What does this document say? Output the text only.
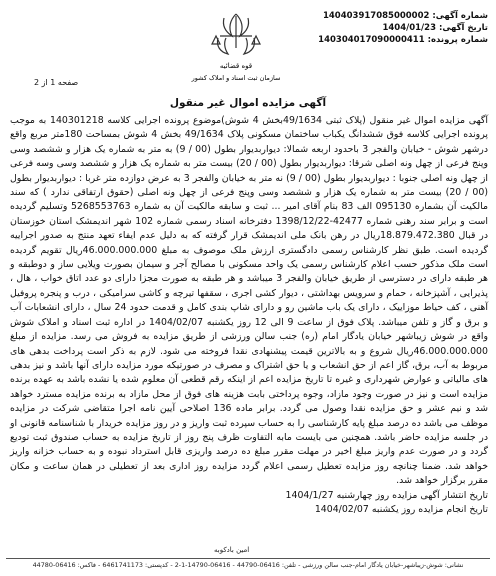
شماره آگهی: 140403917085000002
تاریخ آگهی: 1404/01/23
شماره پرونده: 140304017090000411
قوه قضائیه
سازمان ثبت اسناد و املاک کشور
صفحه 1 از 2
آگهی مزایده اموال غیر منقول

آگهی مزایده اموال غیر منقول (پلاک ثبتی 49/1634بخش 4 شوش)موضوع پرونده اجرایی کلاسه 140301218 به موجب پرونده اجرایی کلاسه فوق ششدانگ یکباب ساختمان مسکونی پلاک 49/1634 بخش 4 شوش بمساحت 180متر مربع واقع درشهر شوش - خیابان والفجر 3 باحدود اربعه شمالا: دیواربدیوار بطول (00 / 9) به متر به شماره یک هزار و ششصد وسی وپنج فرعی از چهل ونه اصلی شرقا: دیواربدیوار بطول (00 / 20) بیست متر به شماره یک هزار و ششصد وسی وسه فرعی از چهل ونه اصلی جنوبا : دیواربدیوار بطول (00 / 9) نه متر به خیابان والفجر 3 به عرض دوازده متر غربا : دیواربدیوار بطول (00 / 20) بیست متر به شماره یک هزار و ششصد وسی وپنج فرعی از چهل ونه اصلی (حقوق ارتفاقی ندارد ) که سند مالکیت آن بشماره 095130 الف 83 بنام آقای امیر ... ثبت و سابقه مالکیت آن به شماره 5268553763 وتسلیم گردیده است و برابر سند رهنی شماره 42477-1398/12/22 دفترخانه اسناد رسمی شماره 102 شهر اندیمشک استان خوزستان در قبال 18.879.472.380ریال در رهن بانک ملی اندیمشک قرار گرفته که به دلیل عدم ایفاء تعهد منتج به صدور اجراییه گردیده است. طبق نظر کارشناس رسمی دادگستری ارزش ملک موصوف به مبلغ 46.000.000.000ریال تقویم گردیده است ملک مذکور حسب اعلام کارشناس رسمی یک واحد مسکونی با مصالح آجر و سیمان بصورت ویلایی ساز و دوطبقه و هر طبقه دارای در دسترسی از طریق خیابان والفجر 3 میباشد و هر طبقه به صورت مجزا دارای دو عدد اتاق خواب ، هال ، پذیرایی ، آشپزخانه ، حمام و سرویس بهداشتی ، دیوار کشی اجری ، سقفها تیرچه و کاشی سرامیکی ، درب و پنجره پروفیل آهنی ، کف حیاط موزاییک ، دارای یک باب ماشین رو و دارای شاپ بندی کامل و قدمت حدود 24 سال ، دارای انشعابات آب و برق و گاز و تلفن میباشد. پلاک فوق از ساعت 9 الی 12 روز یکشنبه 1404/02/07 در اداره ثبت اسناد و املاک شوش واقع در شوش زیباشهر خیابان یادگار امام (ره) جنب سالن ورزشی از طریق مزایده به فروش می رسد. مزایده از مبلغ 46.000.000.000ریال شروع و به بالاترین قیمت پیشنهادی نقدا فروخته می شود. لازم به ذکر است پرداخت بدهی های مربوط به آب، برق، گاز اعم از حق انشعاب و یا حق اشتراک و مصرف در صورتیکه مورد مزایده دارای آنها باشد و نیز بدهی های مالیاتی و عوارض شهرداری و غیره تا تاریخ مزایده اعم از اینکه رقم قطعی آن معلوم شده یا نشده باشد به عهده برنده مزایده است و نیز در صورت وجود مازاد، وجوه پرداختی بابت هزینه های فوق از محل مازاد به برنده مزایده مسترد خواهد شد و نیم عشر و حق مزایده نقدا وصول می گردد. برابر ماده 136 اصلاحی آیین نامه اجرا متقاضی شرکت در مزایده موظف می باشد ده درصد مبلغ پایه کارشناسی را به حساب سپرده ثبت واریز و در روز مزایده خریدار با شناسنامه قانونی او در جلسه مزایده حاضر باشد. همچنین می بایست مابه التفاوت ظرف پنج روز از تاریخ مزایده به حساب صندوق ثبت تودیع گردد و در صورت عدم واریز مبلغ اخیر در مهلت مقرر مبلغ ده درصد واریزی قابل استرداد نبوده و به حساب خزانه واریز خواهد شد. ضمنا چنانچه روز مزایده تعطیل رسمی اعلام گردد مزایده روز اداری بعد از تعطیلی در همان ساعت و مکان مقرر برگزار خواهد شد.

تاریخ انتشار آگهی مزایده روز چهارشنبه 1404/1/27

تاریخ انجام مزایده روز یکشنبه 1404/02/07

امین بادکوبه
نشانی: شوش-زیباشهر-خیابان یادگار امام-جنب سالن ورزشی - تلفن: 06416-44790 - 06416-14790-1-2 - کدپستی: 6461741173 - فاکس: 06416-44780
